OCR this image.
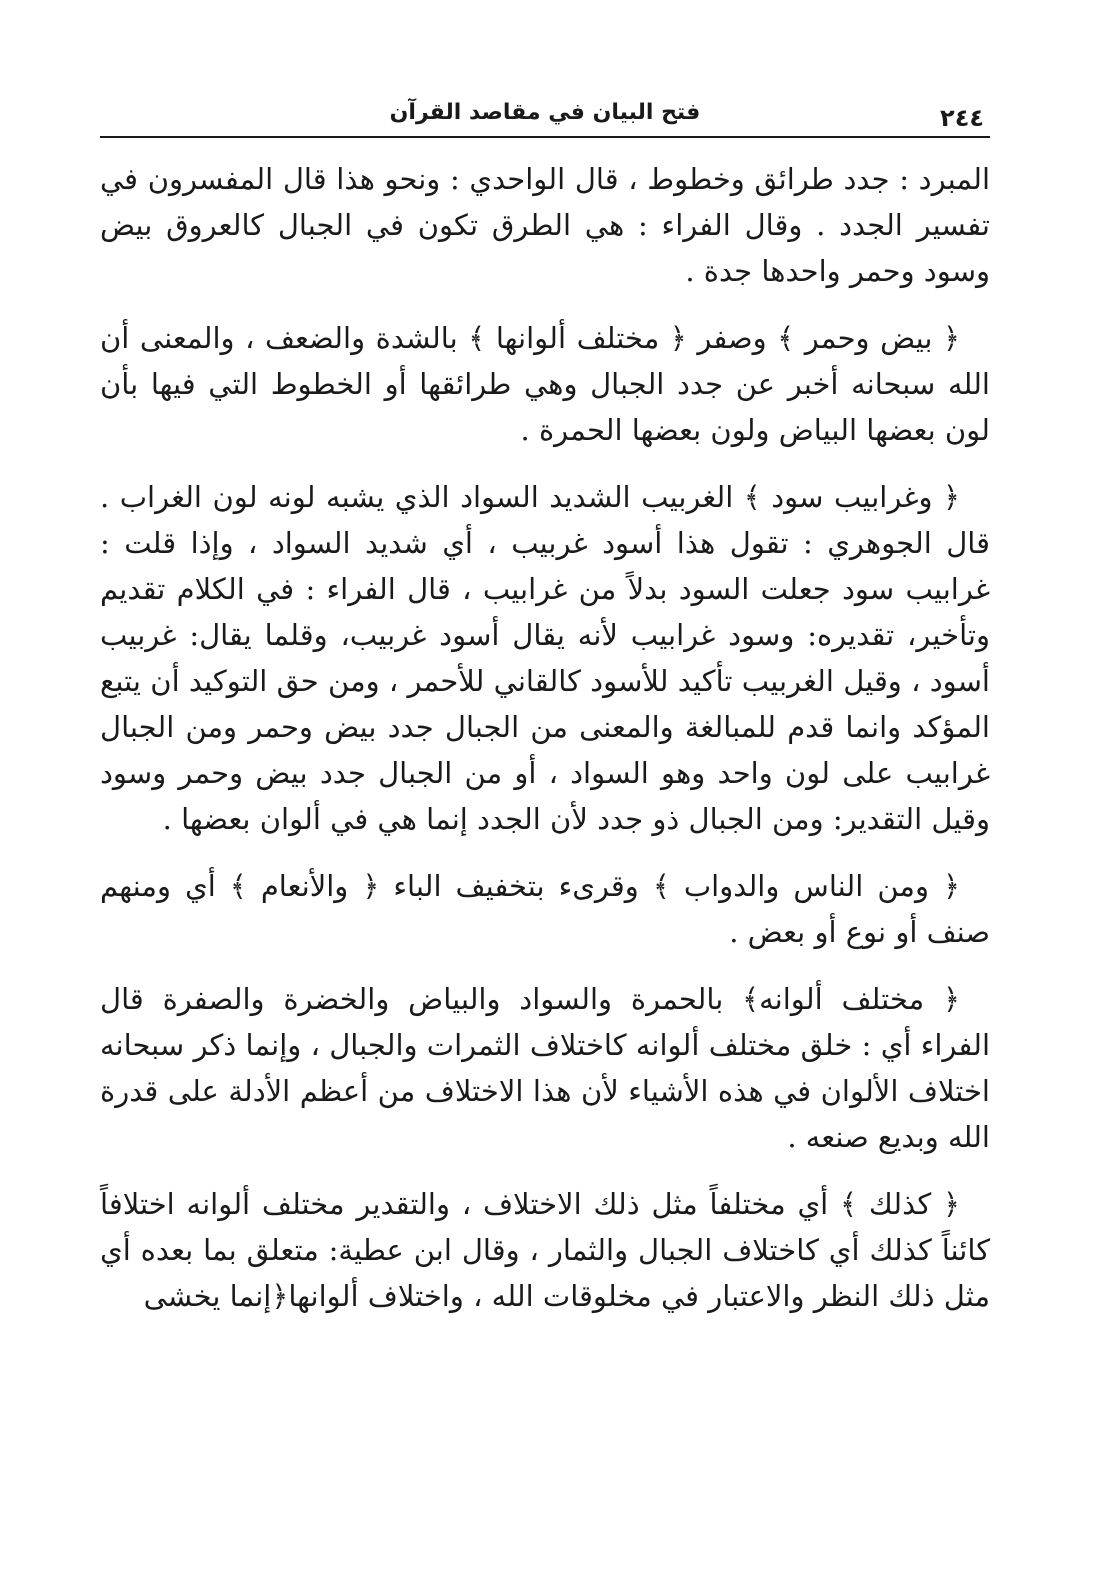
٢٤٤
فتح البيان في مقاصد القرآن

المبرد : جدد طرائق وخطوط ، قال الواحدي : ونحو هذا قال المفسرون في تفسير الجدد . وقال الفراء : هي الطرق تكون في الجبال كالعروق بيض وسود وحمر واحدها جدة .

﴿ بيض وحمر ﴾ وصفر ﴿ مختلف ألوانها ﴾ بالشدة والضعف ، والمعنى أن الله سبحانه أخبر عن جدد الجبال وهي طرائقها أو الخطوط التي فيها بأن لون بعضها البياض ولون بعضها الحمرة .

﴿ وغرابيب سود ﴾ الغربيب الشديد السواد الذي يشبه لونه لون الغراب . قال الجوهري : تقول هذا أسود غربيب ، أي شديد السواد ، وإذا قلت : غرابيب سود جعلت السود بدلاً من غرابيب ، قال الفراء : في الكلام تقديم وتأخير، تقديره: وسود غرابيب لأنه يقال أسود غربيب، وقلما يقال: غربيب أسود ، وقيل الغربيب تأكيد للأسود كالقاني للأحمر ، ومن حق التوكيد أن يتبع المؤكد وانما قدم للمبالغة والمعنى من الجبال جدد بيض وحمر ومن الجبال غرابيب على لون واحد وهو السواد ، أو من الجبال جدد بيض وحمر وسود وقيل التقدير: ومن الجبال ذو جدد لأن الجدد إنما هي في ألوان بعضها .

﴿ ومن الناس والدواب ﴾ وقرىء بتخفيف الباء ﴿ والأنعام ﴾ أي ومنهم صنف أو نوع أو بعض .

﴿ مختلف ألوانه﴾ بالحمرة والسواد والبياض والخضرة والصفرة قال الفراء أي : خلق مختلف ألوانه كاختلاف الثمرات والجبال ، وإنما ذكر سبحانه اختلاف الألوان في هذه الأشياء لأن هذا الاختلاف من أعظم الأدلة على قدرة الله وبديع صنعه .

﴿ كذلك ﴾ أي مختلفاً مثل ذلك الاختلاف ، والتقدير مختلف ألوانه اختلافاً كائناً كذلك أي كاختلاف الجبال والثمار ، وقال ابن عطية: متعلق بما بعده أي مثل ذلك النظر والاعتبار في مخلوقات الله ، واختلاف ألوانها﴿إنما يخشى
